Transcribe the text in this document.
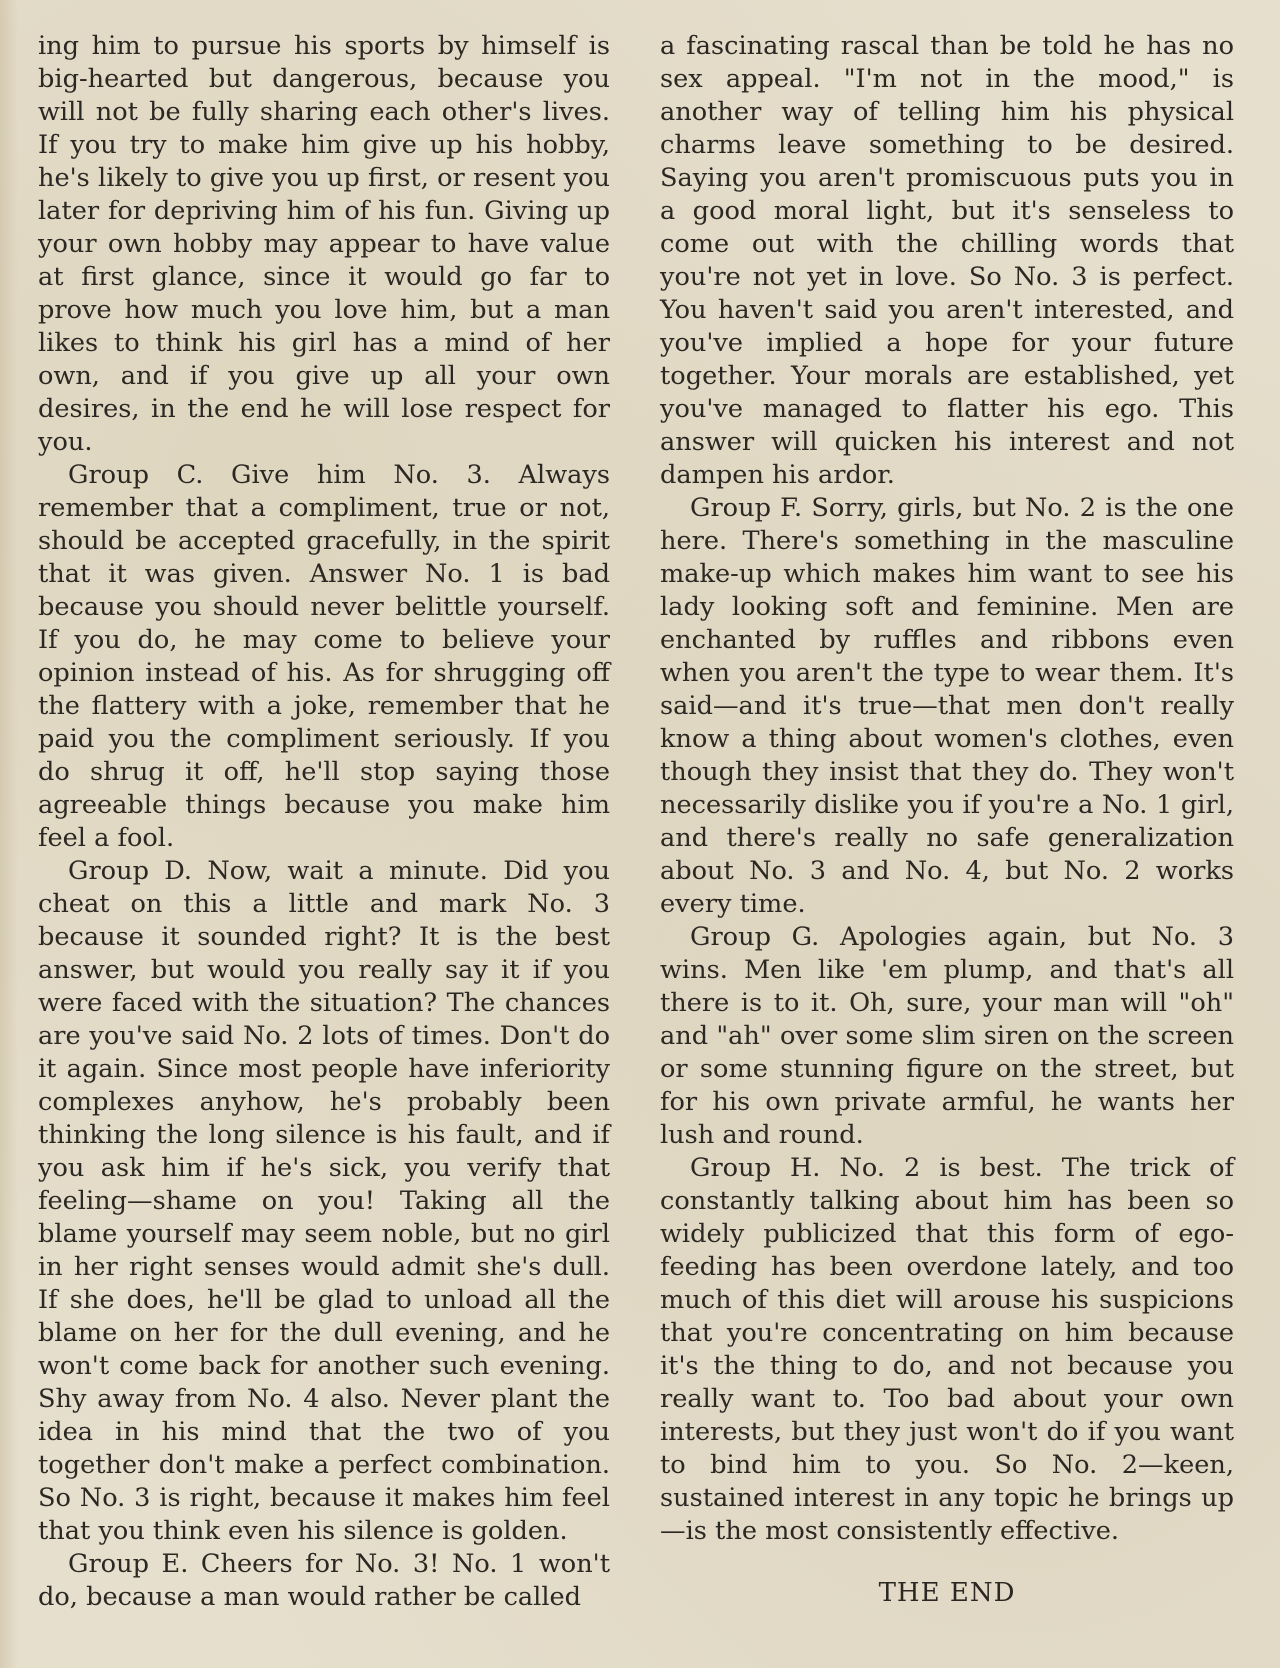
ing him to pursue his sports by himself is big-hearted but dangerous, because you will not be fully sharing each other's lives. If you try to make him give up his hobby, he's likely to give you up first, or resent you later for depriving him of his fun. Giving up your own hobby may appear to have value at first glance, since it would go far to prove how much you love him, but a man likes to think his girl has a mind of her own, and if you give up all your own desires, in the end he will lose respect for you.

Group C. Give him No. 3. Always remember that a compliment, true or not, should be accepted gracefully, in the spirit that it was given. Answer No. 1 is bad because you should never belittle yourself. If you do, he may come to believe your opinion instead of his. As for shrugging off the flattery with a joke, remember that he paid you the compliment seriously. If you do shrug it off, he'll stop saying those agreeable things because you make him feel a fool.

Group D. Now, wait a minute. Did you cheat on this a little and mark No. 3 because it sounded right? It is the best answer, but would you really say it if you were faced with the situation? The chances are you've said No. 2 lots of times. Don't do it again. Since most people have inferiority complexes anyhow, he's probably been thinking the long silence is his fault, and if you ask him if he's sick, you verify that feeling—shame on you! Taking all the blame yourself may seem noble, but no girl in her right senses would admit she's dull. If she does, he'll be glad to unload all the blame on her for the dull evening, and he won't come back for another such evening. Shy away from No. 4 also. Never plant the idea in his mind that the two of you together don't make a perfect combination. So No. 3 is right, because it makes him feel that you think even his silence is golden.

Group E. Cheers for No. 3! No. 1 won't do, because a man would rather be called

a fascinating rascal than be told he has no sex appeal. "I'm not in the mood," is another way of telling him his physical charms leave something to be desired. Saying you aren't promiscuous puts you in a good moral light, but it's senseless to come out with the chilling words that you're not yet in love. So No. 3 is perfect. You haven't said you aren't interested, and you've implied a hope for your future together. Your morals are established, yet you've managed to flatter his ego. This answer will quicken his interest and not dampen his ardor.

Group F. Sorry, girls, but No. 2 is the one here. There's something in the masculine make-up which makes him want to see his lady looking soft and feminine. Men are enchanted by ruffles and ribbons even when you aren't the type to wear them. It's said—and it's true—that men don't really know a thing about women's clothes, even though they insist that they do. They won't necessarily dislike you if you're a No. 1 girl, and there's really no safe generalization about No. 3 and No. 4, but No. 2 works every time.

Group G. Apologies again, but No. 3 wins. Men like 'em plump, and that's all there is to it. Oh, sure, your man will "oh" and "ah" over some slim siren on the screen or some stunning figure on the street, but for his own private armful, he wants her lush and round.

Group H. No. 2 is best. The trick of constantly talking about him has been so widely publicized that this form of ego-feeding has been overdone lately, and too much of this diet will arouse his suspicions that you're concentrating on him because it's the thing to do, and not because you really want to. Too bad about your own interests, but they just won't do if you want to bind him to you. So No. 2—keen, sustained interest in any topic he brings up—is the most consistently effective.

THE END
